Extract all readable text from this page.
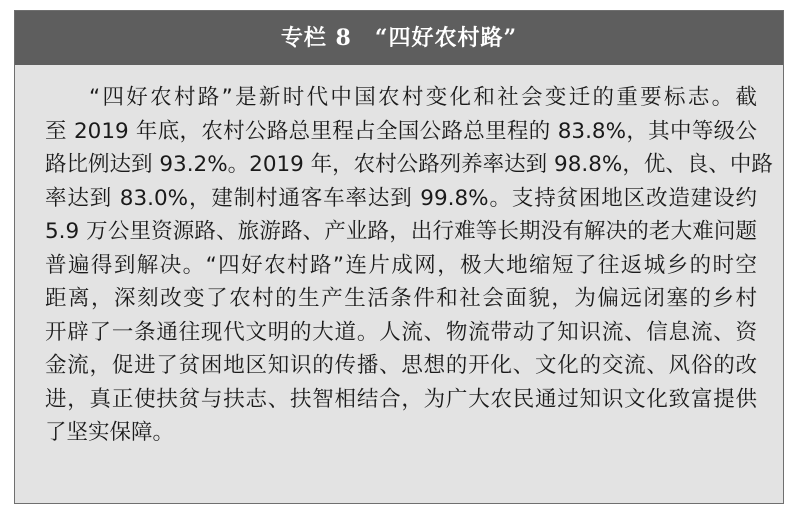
专栏 8　“四好农村路”
“四好农村路”是新时代中国农村变化和社会变迁的重要标志。截
至 2019 年底，农村公路总里程占全国公路总里程的 83.8%，其中等级公
路比例达到 93.2%。2019 年，农村公路列养率达到 98.8%，优、良、中路
率达到 83.0%，建制村通客车率达到 99.8%。支持贫困地区改造建设约
5.9 万公里资源路、旅游路、产业路，出行难等长期没有解决的老大难问题
普遍得到解决。“四好农村路”连片成网，极大地缩短了往返城乡的时空
距离，深刻改变了农村的生产生活条件和社会面貌，为偏远闭塞的乡村
开辟了一条通往现代文明的大道。人流、物流带动了知识流、信息流、资
金流，促进了贫困地区知识的传播、思想的开化、文化的交流、风俗的改
进，真正使扶贫与扶志、扶智相结合，为广大农民通过知识文化致富提供
了坚实保障。
